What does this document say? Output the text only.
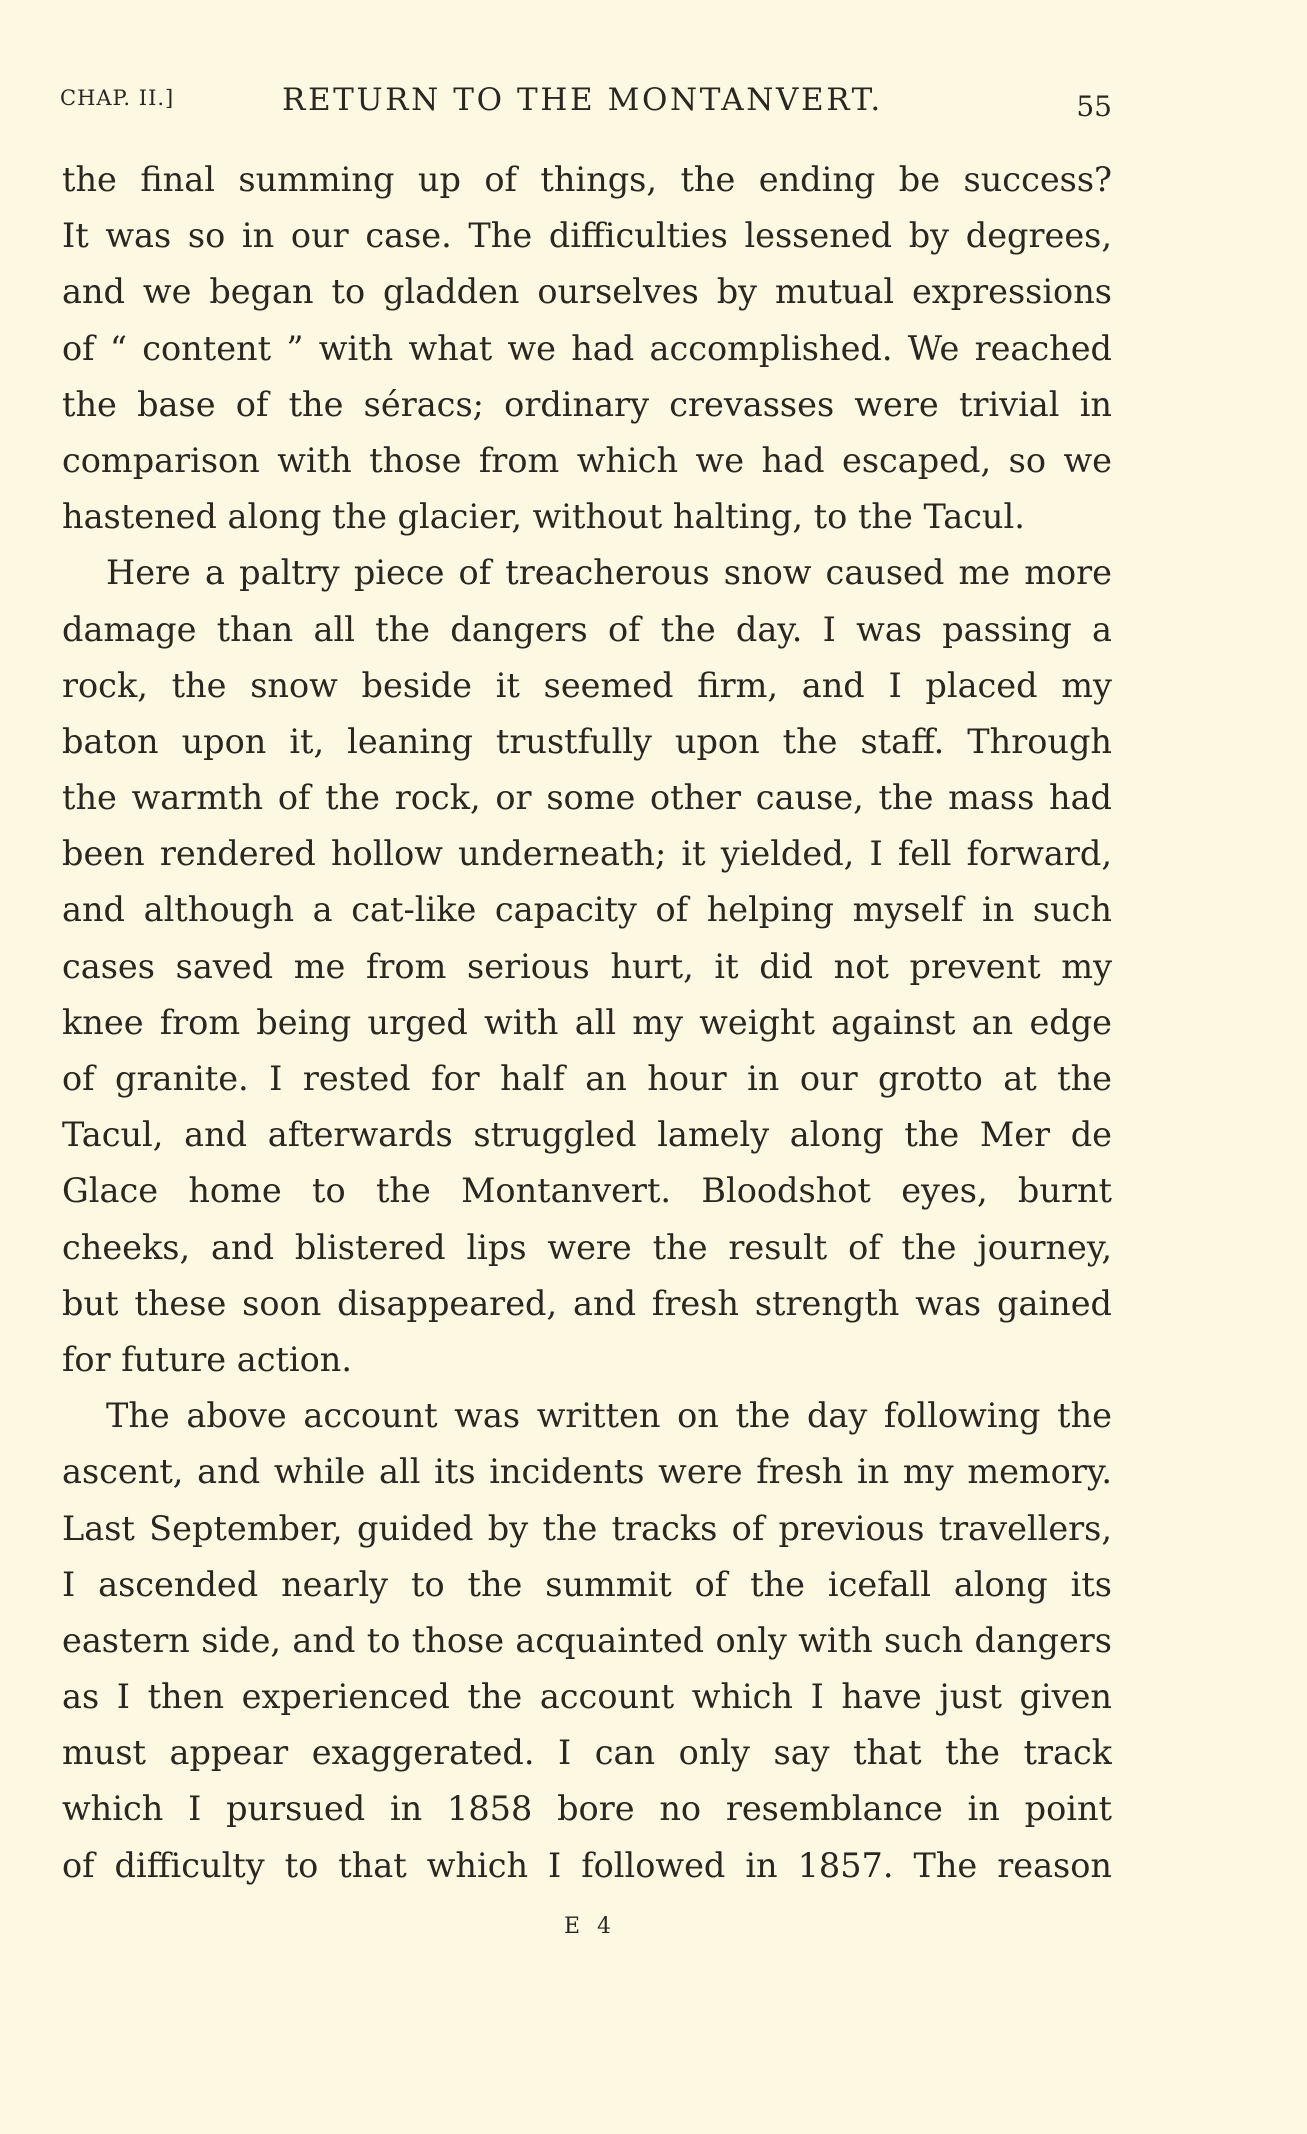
CHAP. II.]	RETURN TO THE MONTANVERT.	55
the final summing up of things, the ending be success?
It was so in our case. The difficulties lessened by degrees,
and we began to gladden ourselves by mutual expressions
of “ content ” with what we had accomplished. We reached
the base of the séracs; ordinary crevasses were trivial in
comparison with those from which we had escaped, so we
hastened along the glacier, without halting, to the Tacul.
Here a paltry piece of treacherous snow caused me more
damage than all the dangers of the day. I was passing a
rock, the snow beside it seemed firm, and I placed my
baton upon it, leaning trustfully upon the staff. Through
the warmth of the rock, or some other cause, the mass had
been rendered hollow underneath; it yielded, I fell forward,
and although a cat-like capacity of helping myself in such
cases saved me from serious hurt, it did not prevent my
knee from being urged with all my weight against an edge
of granite. I rested for half an hour in our grotto at the
Tacul, and afterwards struggled lamely along the Mer de
Glace home to the Montanvert. Bloodshot eyes, burnt
cheeks, and blistered lips were the result of the journey,
but these soon disappeared, and fresh strength was gained
for future action.
The above account was written on the day following the
ascent, and while all its incidents were fresh in my memory.
Last September, guided by the tracks of previous travellers,
I ascended nearly to the summit of the icefall along its
eastern side, and to those acquainted only with such dangers
as I then experienced the account which I have just given
must appear exaggerated. I can only say that the track
which I pursued in 1858 bore no resemblance in point
of difficulty to that which I followed in 1857. The reason
E 4
